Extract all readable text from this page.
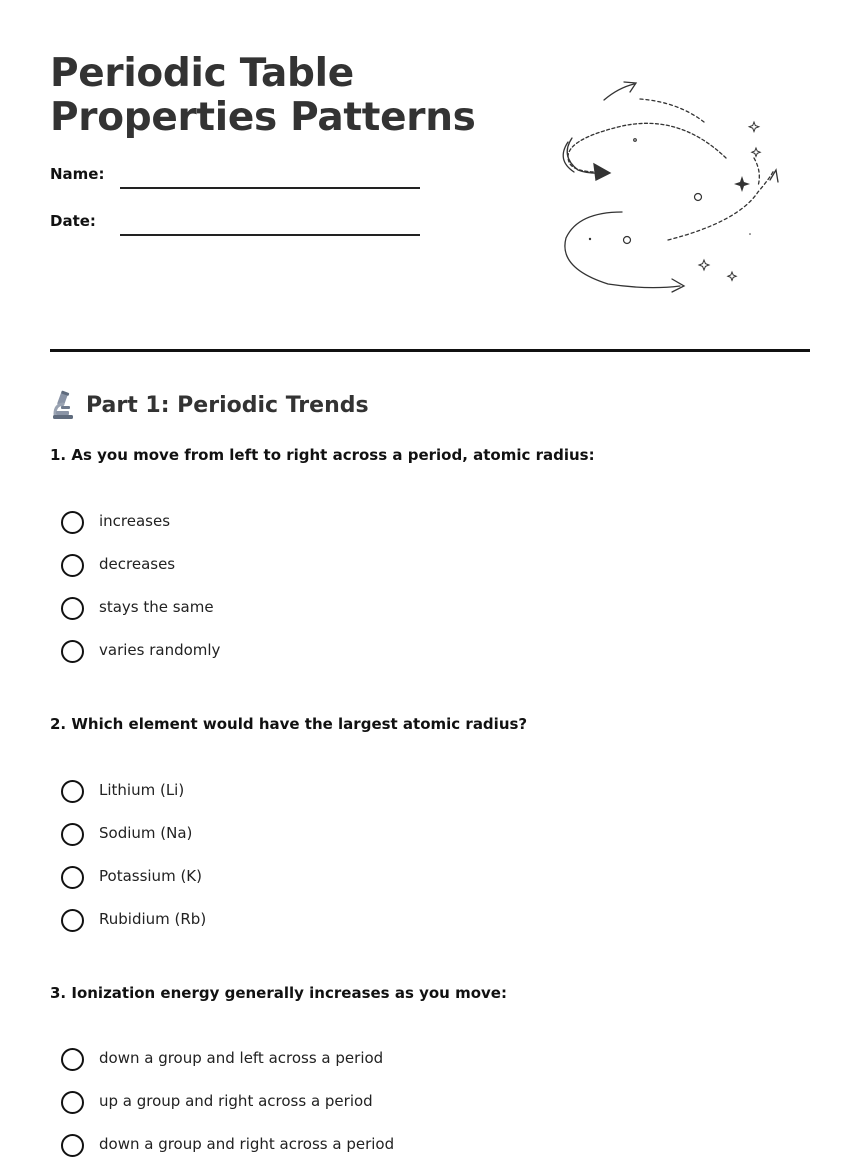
Periodic Table
Properties Patterns
Name:
Date:
Part 1: Periodic Trends

1. As you move from left to right across a period, atomic radius:

increases
decreases
stays the same
varies randomly

2. Which element would have the largest atomic radius?

Lithium (Li)
Sodium (Na)
Potassium (K)
Rubidium (Rb)

3. Ionization energy generally increases as you move:

down a group and left across a period
up a group and right across a period
down a group and right across a period
